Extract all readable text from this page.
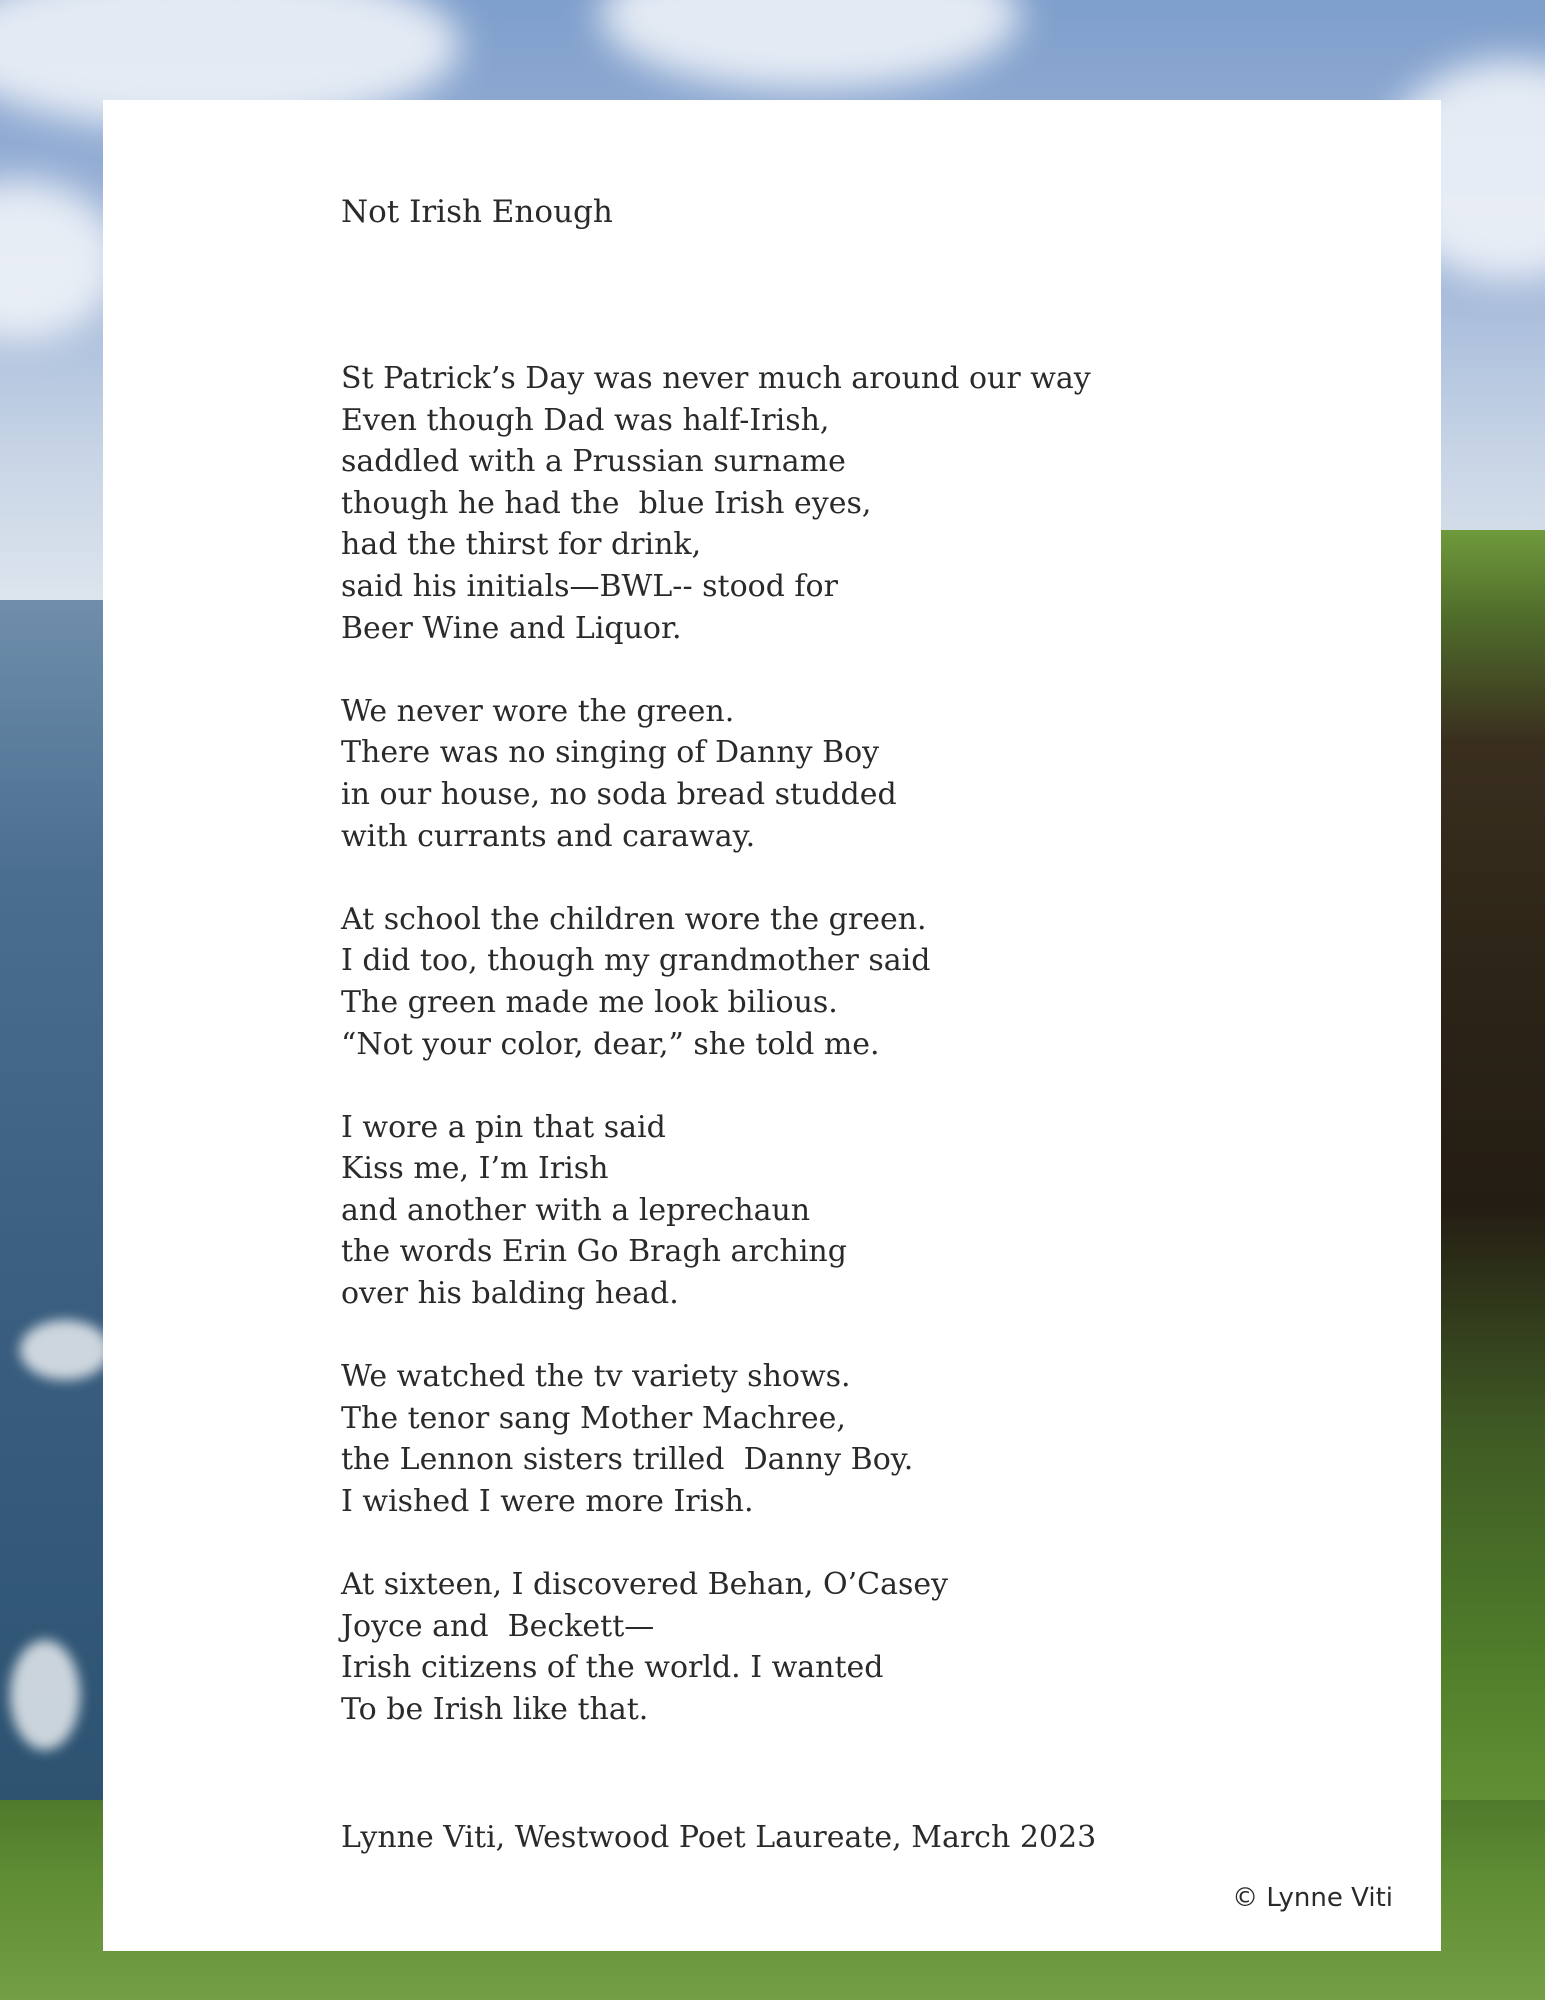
Not Irish Enough
St Patrick’s Day was never much around our way
Even though Dad was half-Irish,
saddled with a Prussian surname
though he had the  blue Irish eyes,
had the thirst for drink,
said his initials—BWL-- stood for
Beer Wine and Liquor.
We never wore the green.
There was no singing of Danny Boy
in our house, no soda bread studded
with currants and caraway.
At school the children wore the green.
I did too, though my grandmother said
The green made me look bilious.
“Not your color, dear,” she told me.
I wore a pin that said
Kiss me, I’m Irish
and another with a leprechaun
the words Erin Go Bragh arching
over his balding head.
We watched the tv variety shows.
The tenor sang Mother Machree,
the Lennon sisters trilled  Danny Boy.
I wished I were more Irish.
At sixteen, I discovered Behan, O’Casey
Joyce and  Beckett—
Irish citizens of the world. I wanted
To be Irish like that.

Lynne Viti, Westwood Poet Laureate, March 2023

© Lynne Viti
